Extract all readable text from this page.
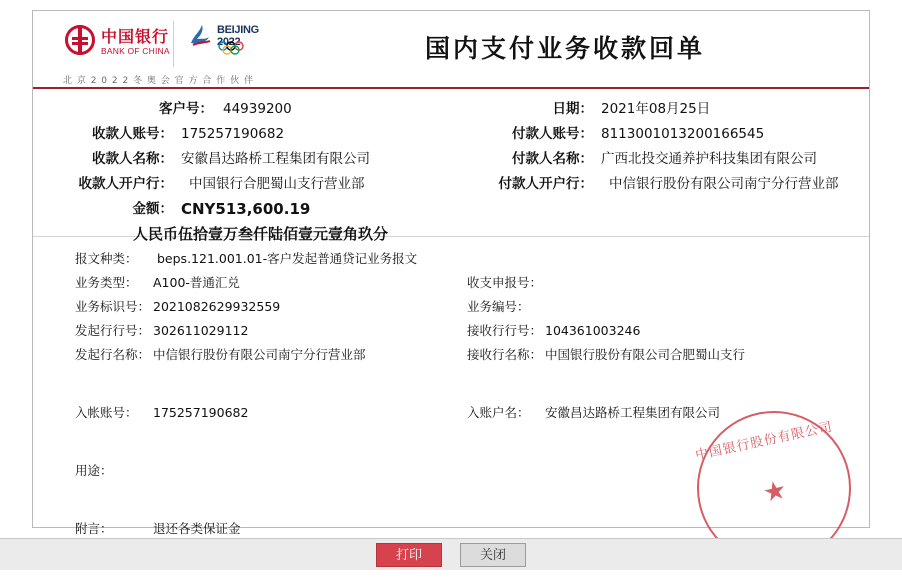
中国银行
BANK OF CHINA
BEIJING 2022
北 京 2 0 2 2 冬 奥 会 官 方 合 作 伙 伴
国内支付业务收款回单
客户号： 44939200	日期： 2021年08月25日
收款人账号： 175257190682	付款人账号： 8113001013200166545
收款人名称： 安徽昌达路桥工程集团有限公司	付款人名称： 广西北投交通养护科技集团有限公司
收款人开户行： 中国银行合肥蜀山支行营业部	付款人开户行： 中信银行股份有限公司南宁分行营业部
金额： CNY513,600.19
人民币伍拾壹万叁仟陆佰壹元壹角玖分
报文种类： beps.121.001.01-客户发起普通贷记业务报文
业务类型： A100-普通汇兑	收支申报号：
业务标识号： 2021082629932559	业务编号：
发起行行号： 302611029112	接收行行号： 104361003246
发起行名称： 中信银行股份有限公司南宁分行营业部	接收行名称： 中国银行股份有限公司合肥蜀山支行
入帐账号： 175257190682	入账户名： 安徽昌达路桥工程集团有限公司
用途：
附言：	退还各类保证金
中国银行股份有限公司
★
打印	关闭
